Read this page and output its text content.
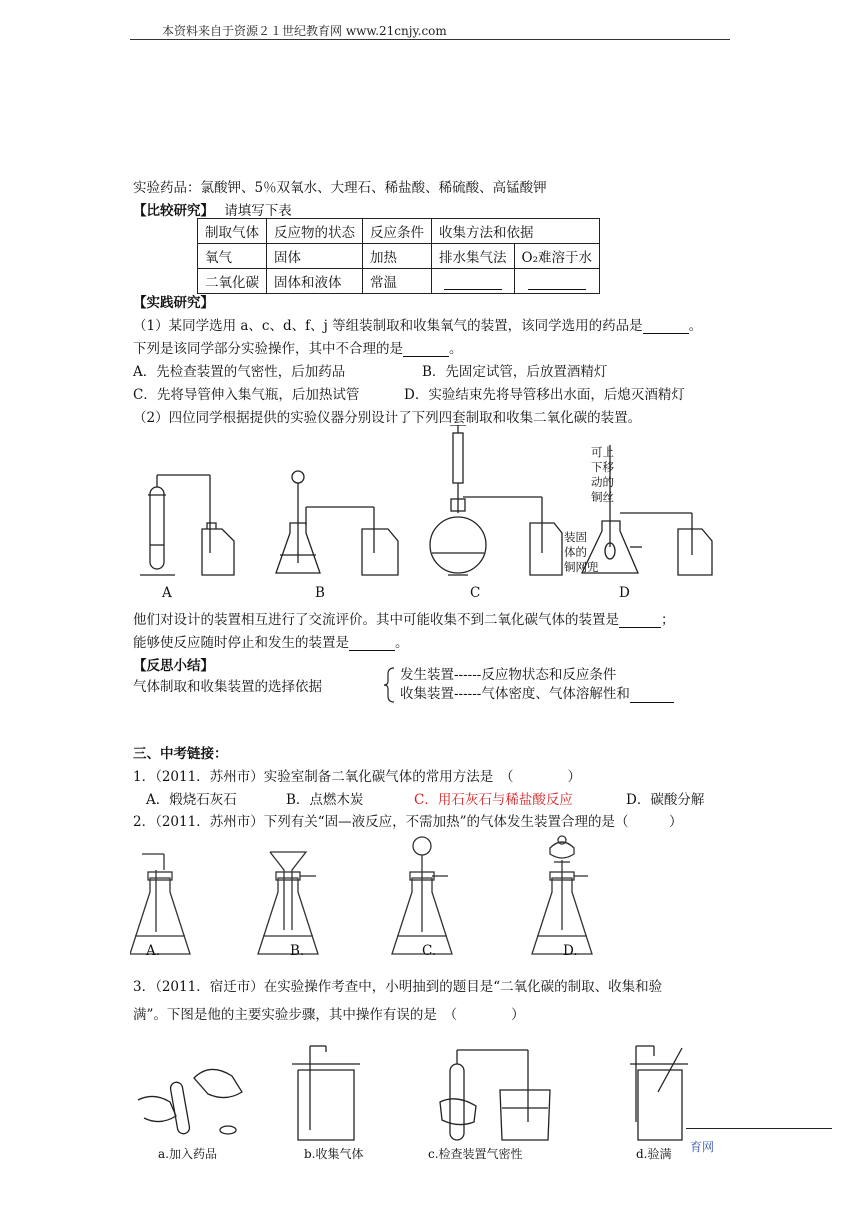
本资料来自于资源２１世纪教育网 www.21cnjy.com
实验药品：氯酸钾、5％双氧水、大理石、稀盐酸、稀硫酸、高锰酸钾
【比较研究】 请填写下表
制取气体	反应物的状态	反应条件	收集方法和依据	
氧气	固体	加热	排水集气法	O₂难溶于水
二氧化碳	固体和液体	常温	

【实践研究】
（1）某同学选用 a、c、d、f、j 等组装制取和收集氧气的装置，该同学选用的药品是	。
下列是该同学部分实验操作，其中不合理的是	。
A．先检查装置的气密性，后加药品	B．先固定试管，后放置酒精灯
C．先将导管伸入集气瓶，后加热试管	D．实验结束先将导管移出水面，后熄灭酒精灯
（2）四位同学根据提供的实验仪器分别设计了下列四套制取和收集二氧化碳的装置。
可上
下移
动的
铜丝
装固
体的
铜网兜
A	B	C	D
他们对设计的装置相互进行了交流评价。其中可能收集不到二氧化碳气体的装置是	；
能够使反应随时停止和发生的装置是	。
【反思小结】
气体制取和收集装置的选择依据
发生装置------反应物状态和反应条件
收集装置------气体密度、气体溶解性和
三、中考链接：
1．（2011．苏州市）实验室制备二氧化碳气体的常用方法是　（　　　　）
A．煅烧石灰石	B．点燃木炭	C．用石灰石与稀盐酸反应	D．碳酸分解
2．（2011．苏州市）下列有关“固—液反应，不需加热”的气体发生装置合理的是（　　　）
A.	B.	C.	D.
3．（2011．宿迁市）在实验操作考查中，小明抽到的题目是“二氧化碳的制取、收集和验
满”。下图是他的主要实验步骤，其中操作有误的是　（　　　　）
a.加入药品	b.收集气体	c.检查装置气密性	d.验满 育网
